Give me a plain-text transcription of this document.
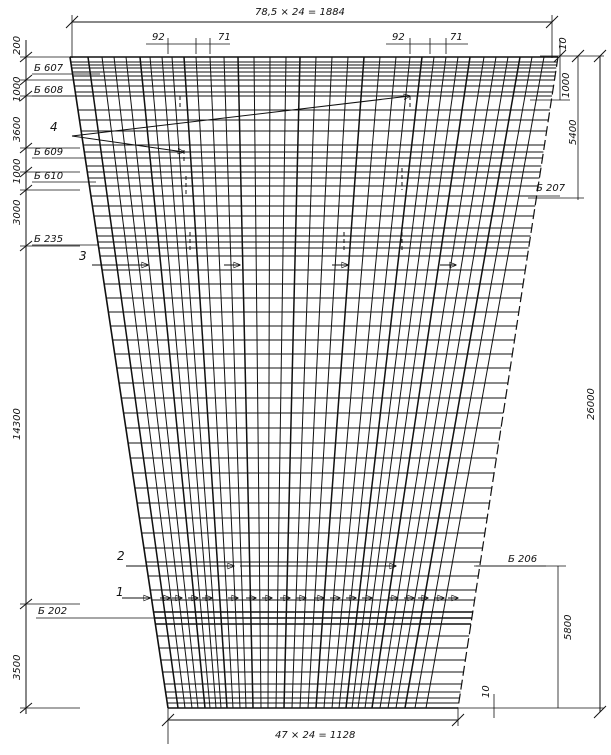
78,5 × 24 = 1884
92	71	92	71	10
47 × 24 = 1128
10
1000
5400
26000
5800
200
1000
3600
1000
3000
14300
3500
Б 607
Б 608
Б 609
Б 610
Б 235
Б 202
Б 207
Б 206
1
2
3
4
